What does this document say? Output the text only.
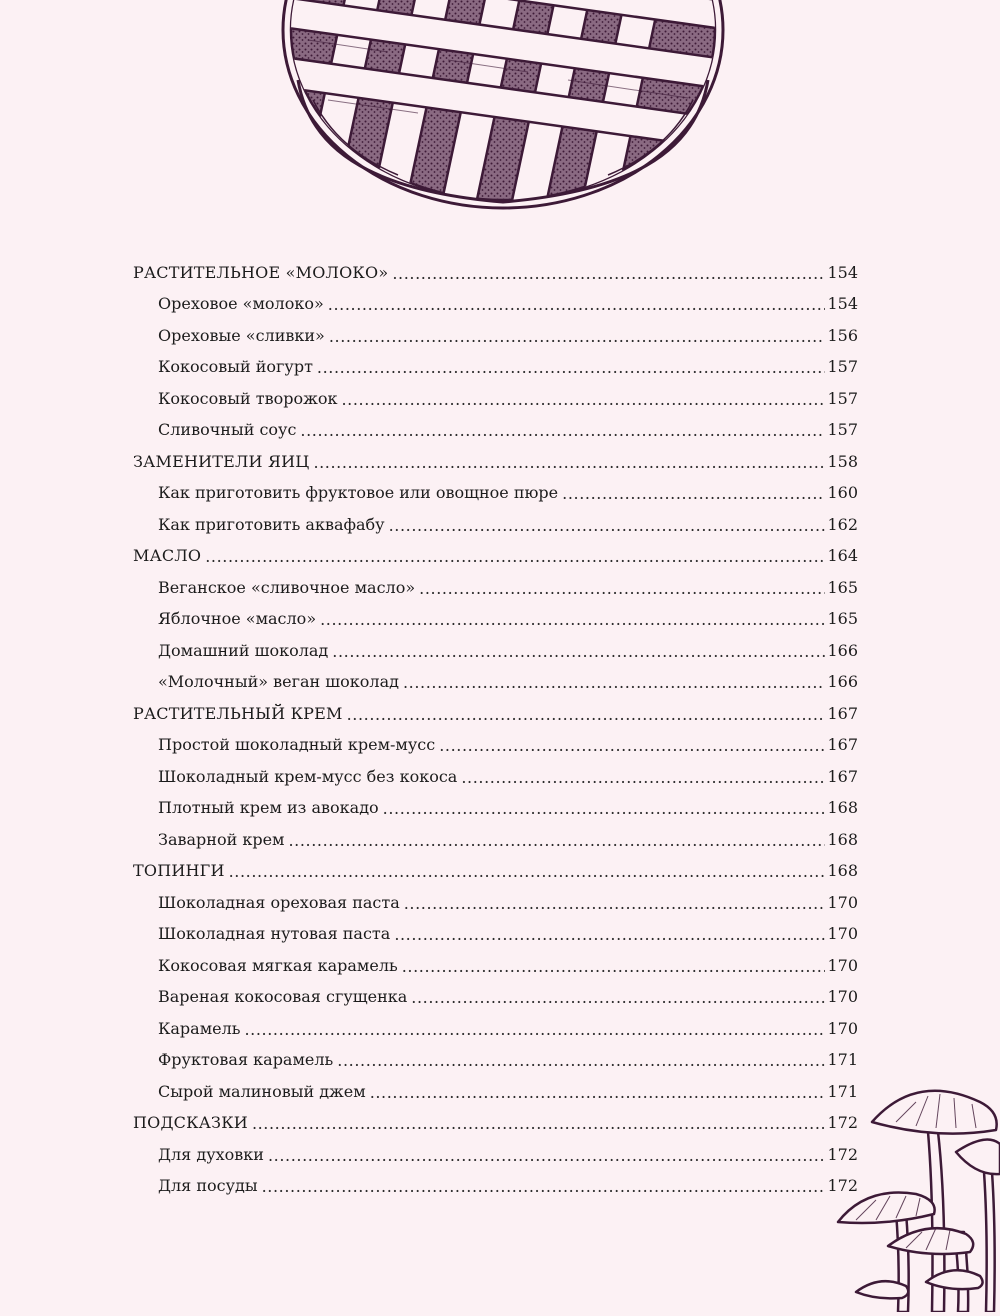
РАСТИТЕЛЬНОЕ «МОЛОКО» .....	154
Ореховое «молоко» .....	154
Ореховые «сливки» .....	156
Кокосовый йогурт .....	157
Кокосовый творожок .....	157
Сливочный соус .....	157
ЗАМЕНИТЕЛИ ЯИЦ .....	158
Как приготовить фруктовое или овощное пюре .....	160
Как приготовить аквафабу .....	162
МАСЛО .....	164
Веганское «сливочное масло» .....	165
Яблочное «масло» .....	165
Домашний шоколад .....	166
«Молочный» веган шоколад .....	166
РАСТИТЕЛЬНЫЙ КРЕМ .....	167
Простой шоколадный крем-мусс .....	167
Шоколадный крем-мусс без кокоса .....	167
Плотный крем из авокадо .....	168
Заварной крем .....	168
ТОПИНГИ .....	168
Шоколадная ореховая паста .....	170
Шоколадная нутовая паста .....	170
Кокосовая мягкая карамель .....	170
Вареная кокосовая сгущенка .....	170
Карамель .....	170
Фруктовая карамель .....	171
Сырой малиновый джем .....	171
ПОДСКАЗКИ .....	172
Для духовки .....	172
Для посуды .....	172
